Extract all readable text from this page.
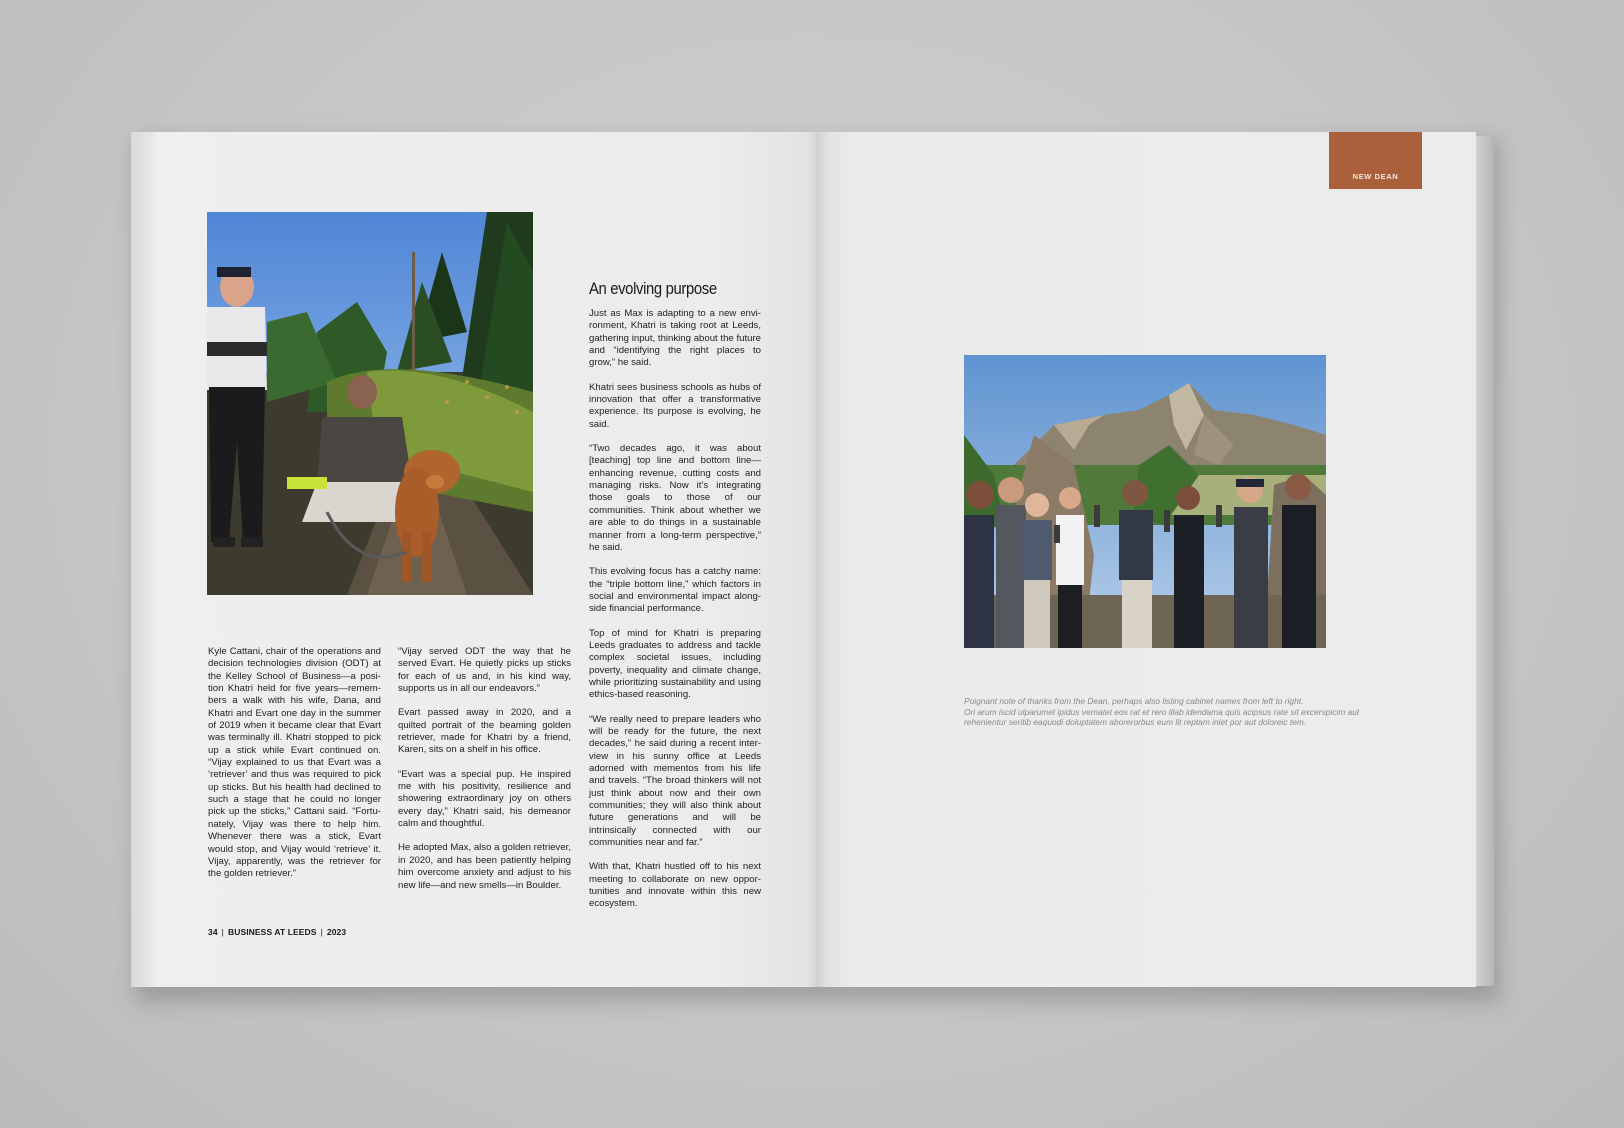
An evolving purpose

Kyle Cattani, chair of the operations and decision technologies division (ODT) at the Kelley School of Business—a position Khatri held for five years—remembers a walk with his wife, Dana, and Khatri and Evart one day in the summer of 2019 when it became clear that Evart was terminally ill. Khatri stopped to pick up a stick while Evart continued on. “Vijay explained to us that Evart was a ‘retriever’ and thus was required to pick up sticks. But his health had declined to such a stage that he could no longer pick up the sticks,” Cattani said. “Fortunately, Vijay was there to help him. Whenever there was a stick, Evart would stop, and Vijay would ‘retrieve’ it. Vijay, apparently, was the retriever for the golden retriever.”

“Vijay served ODT the way that he served Evart. He quietly picks up sticks for each of us and, in his kind way, supports us in all our endeavors.”

Evart passed away in 2020, and a quilted portrait of the beaming golden retriever, made for Khatri by a friend, Karen, sits on a shelf in his office.

“Evart was a special pup. He inspired me with his positivity, resilience and showering extraordinary joy on others every day,” Khatri said, his demeanor calm and thoughtful.

He adopted Max, also a golden retriever, in 2020, and has been patiently helping him overcome anxiety and adjust to his new life—and new smells—in Boulder.

Just as Max is adapting to a new environment, Khatri is taking root at Leeds, gathering input, thinking about the future and “identifying the right places to grow,” he said.

Khatri sees business schools as hubs of innovation that offer a transformative experience. Its purpose is evolving, he said.

“Two decades ago, it was about [teaching] top line and bottom line—enhancing revenue, cutting costs and managing risks. Now it’s integrating those goals to those of our communities. Think about whether we are able to do things in a sustainable manner from a long-term perspective,” he said.

This evolving focus has a catchy name: the “triple bottom line,” which factors in social and environmental impact alongside financial performance.

Top of mind for Khatri is preparing Leeds graduates to address and tackle complex societal issues, including poverty, inequality and climate change, while prioritizing sustainability and using ethics-based reasoning.

“We really need to prepare leaders who will be ready for the future, the next decades,” he said during a recent interview in his sunny office at Leeds adorned with mementos from his life and travels. “The broad thinkers will not just think about now and their own communities; they will also think about future generations and will be intrinsically connected with our communities near and far.”

With that, Khatri hustled off to his next meeting to collaborate on new opportunities and innovate within this new ecosystem.

34 | BUSINESS AT LEEDS | 2023
NEW DEAN
Poignant note of thanks from the Dean, perhaps also listing cabinet names from left to right.
Ori arum iscid ulparumet ipidus vernatet eos rat et rero illab idendama quis acipsus rate sit excerspicim aut rehenientur seritib eaquodi doluptatem aborerorbus eum lit reptam iniet por aut doloreic tem.
